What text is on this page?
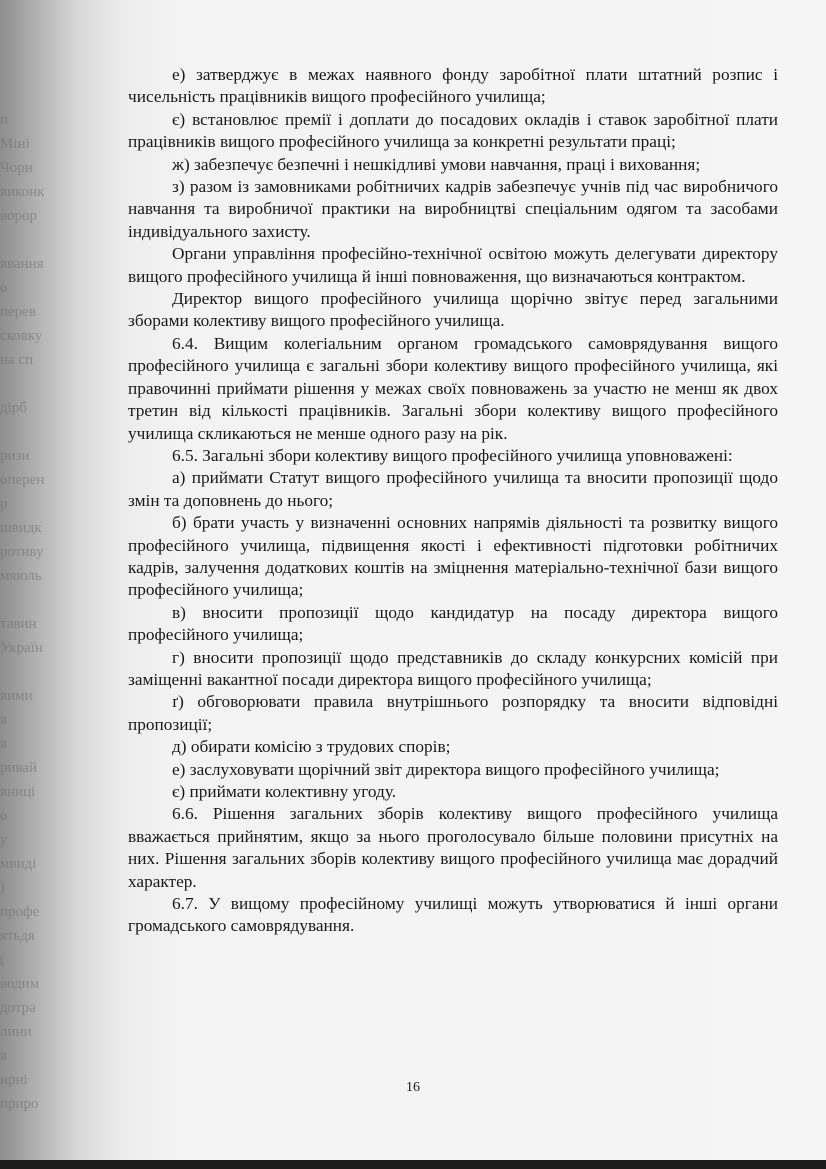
п
Міні
Чорн
виконк
ворор
ввання
о
перев
сковку
на сп
дірб
ризи
оперен
р
швидк
ротиву
мяюль
тавин
Україн
вими
в
в
ривай
вниці
о
у
мвиді
)
профе
ятьдя
(
водим
дотра
лини
в
ирні
приро

е) затверджує в межах наявного фонду заробітної плати штатний розпис і чисельність працівників вищого професійного училища;

є) встановлює премії і доплати до посадових окладів і ставок заробітної плати працівників вищого професійного училища за конкретні результати праці;

ж) забезпечує безпечні і нешкідливі умови навчання, праці і виховання;

з) разом із замовниками робітничих кадрів забезпечує учнів під час виробничого навчання та виробничої практики на виробництві спеціальним одягом та засобами індивідуального захисту.

Органи управління професійно-технічної освітою можуть делегувати директору вищого професійного училища й інші повноваження, що визначаються контрактом.

Директор вищого професійного училища щорічно звітує перед загальними зборами колективу вищого професійного училища.

6.4. Вищим колегіальним органом громадського самоврядування вищого професійного училища є загальні збори колективу вищого професійного училища, які правочинні приймати рішення у межах своїх повноважень за участю не менш як двох третин від кількості працівників. Загальні збори колективу вищого професійного училища скликаються не менше одного разу на рік.

6.5. Загальні збори колективу вищого професійного училища уповноважені:

а) приймати Статут вищого професійного училища та вносити пропозиції щодо змін та доповнень до нього;

б) брати участь у визначенні основних напрямів діяльності та розвитку вищого професійного училища, підвищення якості і ефективності підготовки робітничих кадрів, залучення додаткових коштів на зміцнення матеріально-технічної бази вищого професійного училища;

в) вносити пропозиції щодо кандидатур на посаду директора вищого професійного училища;

г) вносити пропозиції щодо представників до складу конкурсних комісій при заміщенні вакантної посади директора вищого професійного училища;

ґ) обговорювати правила внутрішнього розпорядку та вносити відповідні пропозиції;

д) обирати комісію з трудових спорів;

е) заслуховувати щорічний звіт директора вищого професійного училища;

є) приймати колективну угоду.

6.6. Рішення загальних зборів колективу вищого професійного училища вважається прийнятим, якщо за нього проголосувало більше половини присутніх на них. Рішення загальних зборів колективу вищого професійного училища має дорадчий характер.

6.7. У вищому професійному училищі можуть утворюватися й інші органи громадського самоврядування.

16
